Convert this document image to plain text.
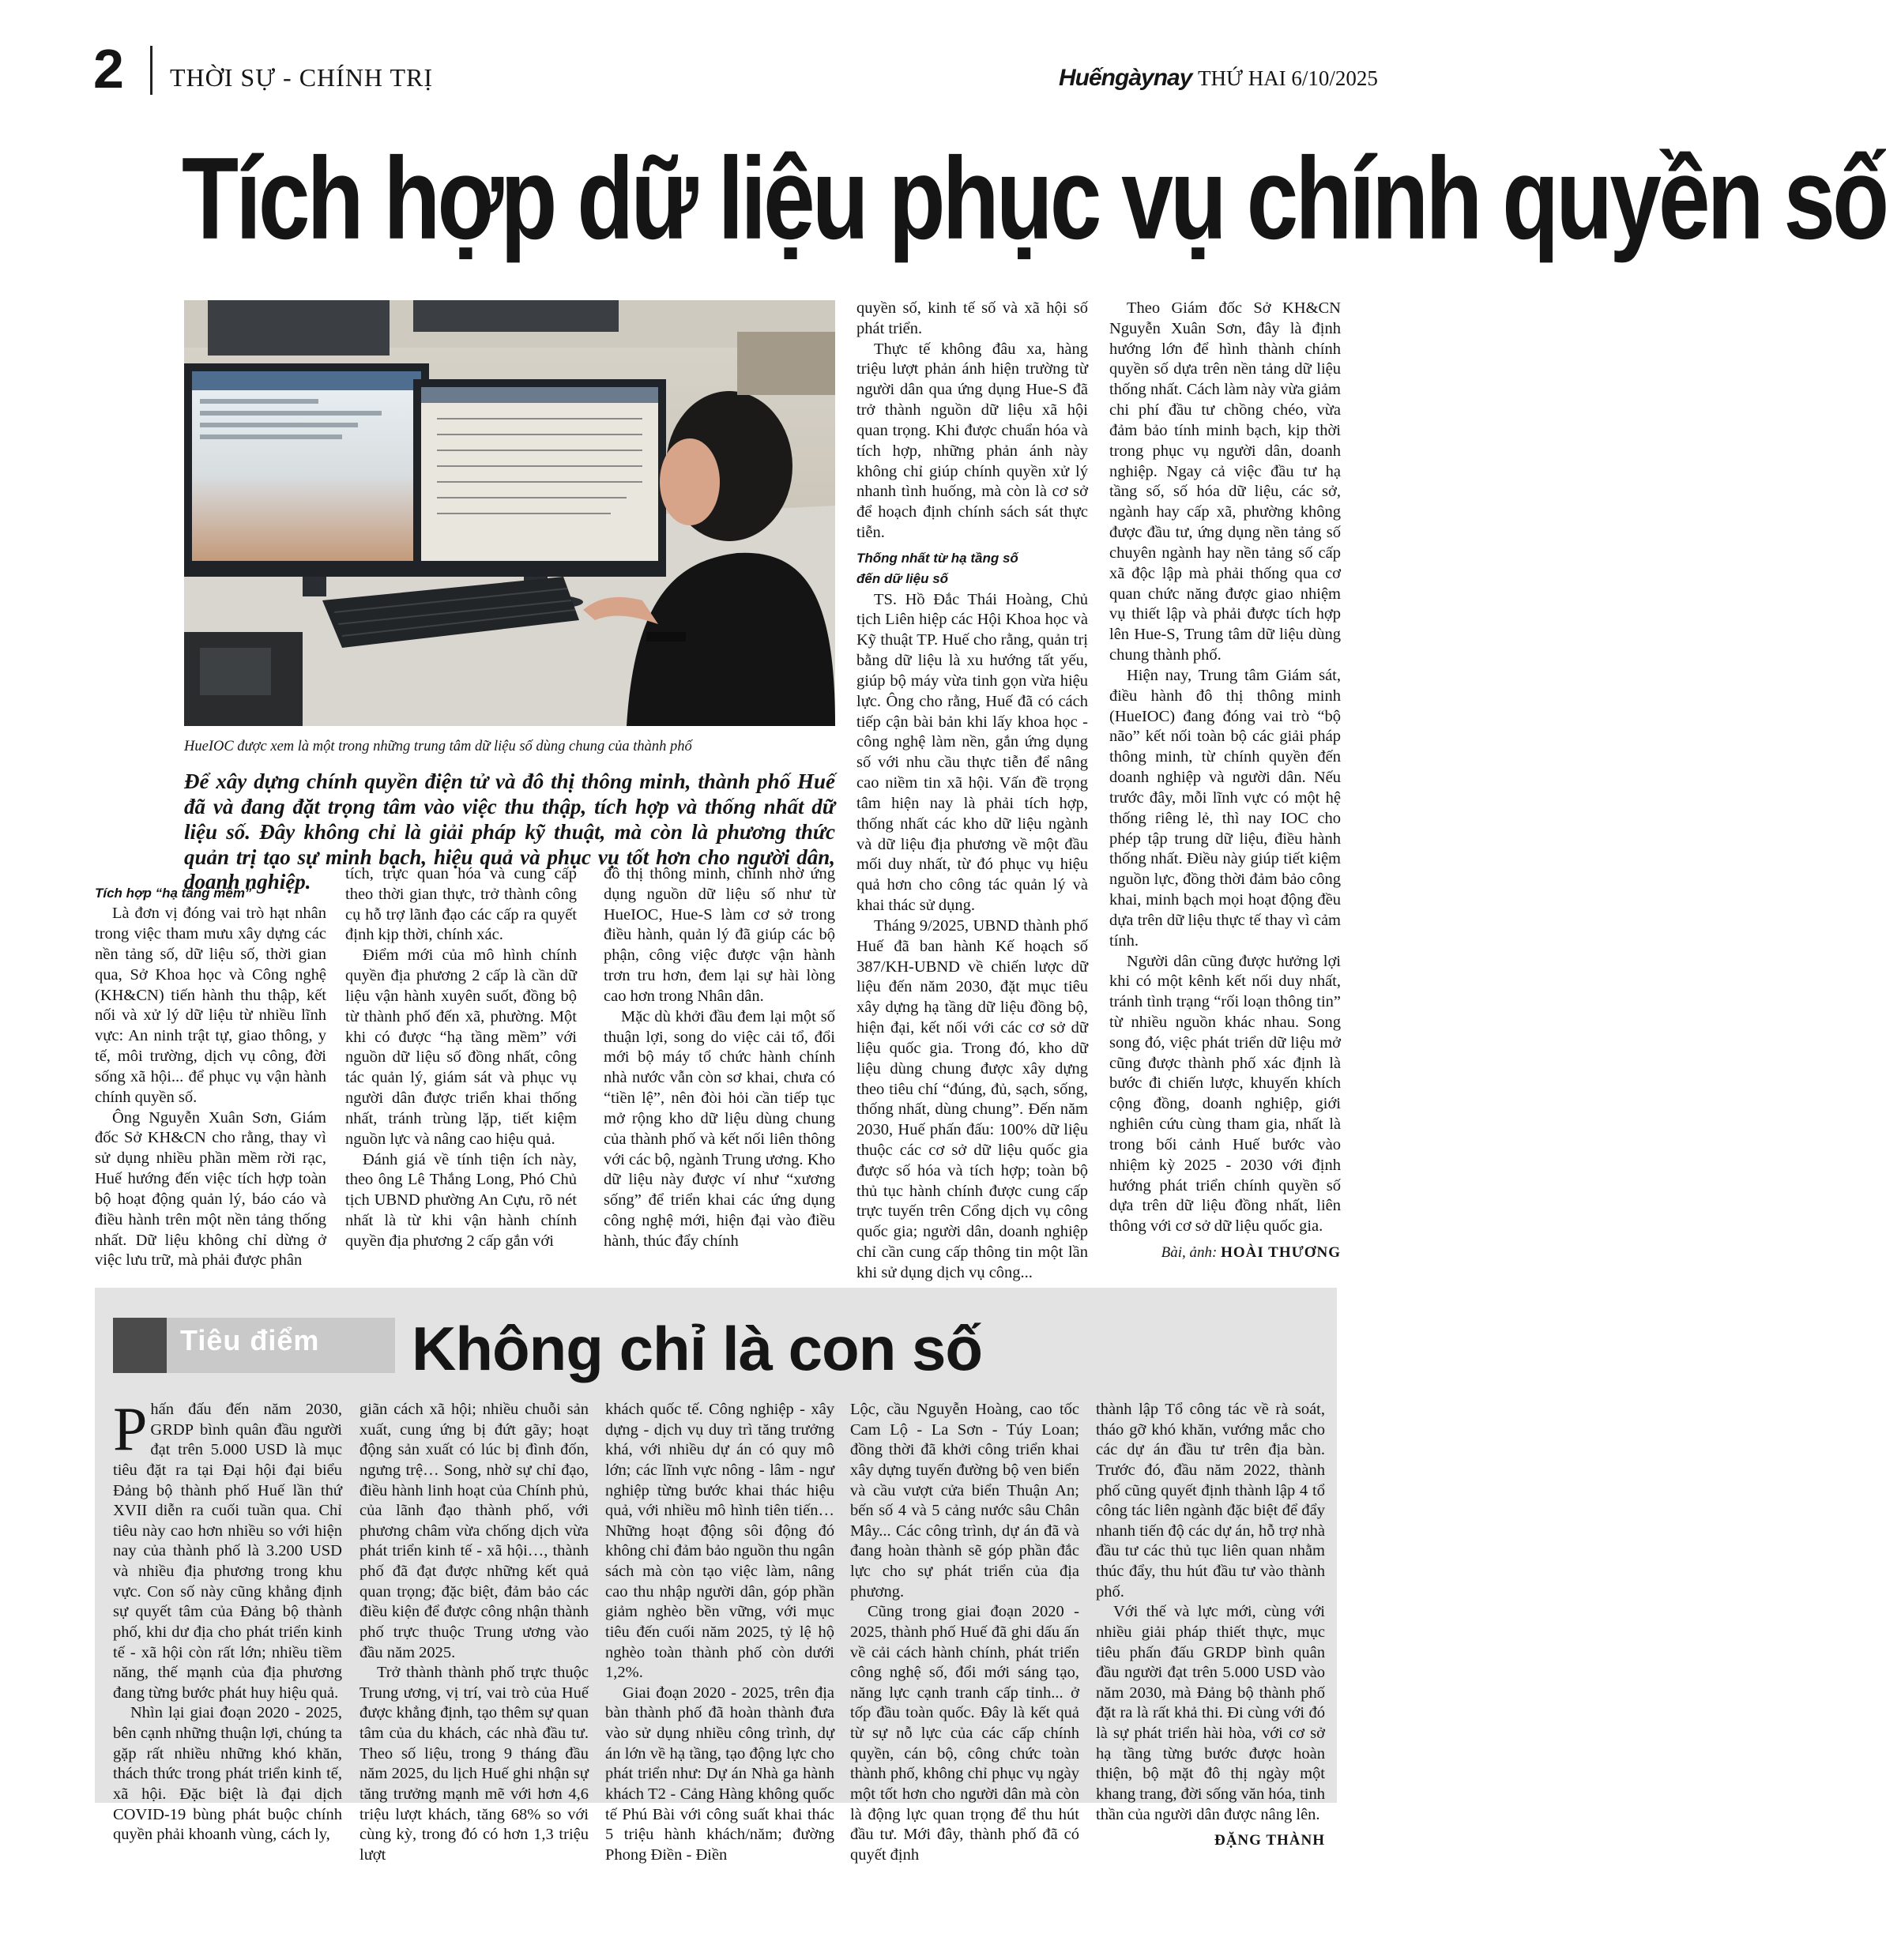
2 THỜI SỰ - CHÍNH TRỊ	Huếngàynay THỨ HAI 6/10/2025
Tích hợp dữ liệu phục vụ chính quyền số
HueIOC được xem là một trong những trung tâm dữ liệu số dùng chung của thành phố
Để xây dựng chính quyền điện tử và đô thị thông minh, thành phố Huế đã và đang đặt trọng tâm vào việc thu thập, tích hợp và thống nhất dữ liệu số. Đây không chỉ là giải pháp kỹ thuật, mà còn là phương thức quản trị tạo sự minh bạch, hiệu quả và phục vụ tốt hơn cho người dân, doanh nghiệp.

Tích hợp “hạ tầng mềm”

Là đơn vị đóng vai trò hạt nhân trong việc tham mưu xây dựng các nền tảng số, dữ liệu số, thời gian qua, Sở Khoa học và Công nghệ (KH&CN) tiến hành thu thập, kết nối và xử lý dữ liệu từ nhiều lĩnh vực: An ninh trật tự, giao thông, y tế, môi trường, dịch vụ công, đời sống xã hội... để phục vụ vận hành chính quyền số.

Ông Nguyễn Xuân Sơn, Giám đốc Sở KH&CN cho rằng, thay vì sử dụng nhiều phần mềm rời rạc, Huế hướng đến việc tích hợp toàn bộ hoạt động quản lý, báo cáo và điều hành trên một nền tảng thống nhất. Dữ liệu không chỉ dừng ở việc lưu trữ, mà phải được phân

tích, trực quan hóa và cung cấp theo thời gian thực, trở thành công cụ hỗ trợ lãnh đạo các cấp ra quyết định kịp thời, chính xác.

Điểm mới của mô hình chính quyền địa phương 2 cấp là cần dữ liệu vận hành xuyên suốt, đồng bộ từ thành phố đến xã, phường. Một khi có được “hạ tầng mềm” với nguồn dữ liệu số đồng nhất, công tác quản lý, giám sát và phục vụ người dân được triển khai thống nhất, tránh trùng lặp, tiết kiệm nguồn lực và nâng cao hiệu quả.

Đánh giá về tính tiện ích này, theo ông Lê Thắng Long, Phó Chủ tịch UBND phường An Cựu, rõ nét nhất là từ khi vận hành chính quyền địa phương 2 cấp gắn với

đô thị thông minh, chính nhờ ứng dụng nguồn dữ liệu số như từ HueIOC, Hue-S làm cơ sở trong điều hành, quản lý đã giúp các bộ phận, công việc được vận hành trơn tru hơn, đem lại sự hài lòng cao hơn trong Nhân dân.

Mặc dù khởi đầu đem lại một số thuận lợi, song do việc cải tổ, đổi mới bộ máy tổ chức hành chính nhà nước vẫn còn sơ khai, chưa có “tiền lệ”, nên đòi hỏi cần tiếp tục mở rộng kho dữ liệu dùng chung của thành phố và kết nối liên thông với các bộ, ngành Trung ương. Kho dữ liệu này được ví như “xương sống” để triển khai các ứng dụng công nghệ mới, hiện đại vào điều hành, thúc đẩy chính

quyền số, kinh tế số và xã hội số phát triển.

Thực tế không đâu xa, hàng triệu lượt phản ánh hiện trường từ người dân qua ứng dụng Hue-S đã trở thành nguồn dữ liệu xã hội quan trọng. Khi được chuẩn hóa và tích hợp, những phản ánh này không chỉ giúp chính quyền xử lý nhanh tình huống, mà còn là cơ sở để hoạch định chính sách sát thực tiễn.

Thống nhất từ hạ tầng số
đến dữ liệu số

TS. Hồ Đắc Thái Hoàng, Chủ tịch Liên hiệp các Hội Khoa học và Kỹ thuật TP. Huế cho rằng, quản trị bằng dữ liệu là xu hướng tất yếu, giúp bộ máy vừa tinh gọn vừa hiệu lực. Ông cho rằng, Huế đã có cách tiếp cận bài bản khi lấy khoa học - công nghệ làm nền, gắn ứng dụng số với nhu cầu thực tiễn để nâng cao niềm tin xã hội. Vấn đề trọng tâm hiện nay là phải tích hợp, thống nhất các kho dữ liệu ngành và dữ liệu địa phương về một đầu mối duy nhất, từ đó phục vụ hiệu quả hơn cho công tác quản lý và khai thác sử dụng.

Tháng 9/2025, UBND thành phố Huế đã ban hành Kế hoạch số 387/KH-UBND về chiến lược dữ liệu đến năm 2030, đặt mục tiêu xây dựng hạ tầng dữ liệu đồng bộ, hiện đại, kết nối với các cơ sở dữ liệu quốc gia. Trong đó, kho dữ liệu dùng chung được xây dựng theo tiêu chí “đúng, đủ, sạch, sống, thống nhất, dùng chung”. Đến năm 2030, Huế phấn đấu: 100% dữ liệu thuộc các cơ sở dữ liệu quốc gia được số hóa và tích hợp; toàn bộ thủ tục hành chính được cung cấp trực tuyến trên Cổng dịch vụ công quốc gia; người dân, doanh nghiệp chỉ cần cung cấp thông tin một lần khi sử dụng dịch vụ công...

Theo Giám đốc Sở KH&CN Nguyễn Xuân Sơn, đây là định hướng lớn để hình thành chính quyền số dựa trên nền tảng dữ liệu thống nhất. Cách làm này vừa giảm chi phí đầu tư chồng chéo, vừa đảm bảo tính minh bạch, kịp thời trong phục vụ người dân, doanh nghiệp. Ngay cả việc đầu tư hạ tầng số, số hóa dữ liệu, các sở, ngành hay cấp xã, phường không được đầu tư, ứng dụng nền tảng số chuyên ngành hay nền tảng số cấp xã độc lập mà phải thống qua cơ quan chức năng được giao nhiệm vụ thiết lập và phải được tích hợp lên Hue-S, Trung tâm dữ liệu dùng chung thành phố.

Hiện nay, Trung tâm Giám sát, điều hành đô thị thông minh (HueIOC) đang đóng vai trò “bộ não” kết nối toàn bộ các giải pháp thông minh, từ chính quyền đến doanh nghiệp và người dân. Nếu trước đây, mỗi lĩnh vực có một hệ thống riêng lẻ, thì nay IOC cho phép tập trung dữ liệu, điều hành thống nhất. Điều này giúp tiết kiệm nguồn lực, đồng thời đảm bảo công khai, minh bạch mọi hoạt động đều dựa trên dữ liệu thực tế thay vì cảm tính.

Người dân cũng được hưởng lợi khi có một kênh kết nối duy nhất, tránh tình trạng “rối loạn thông tin” từ nhiều nguồn khác nhau. Song song đó, việc phát triển dữ liệu mở cũng được thành phố xác định là bước đi chiến lược, khuyến khích cộng đồng, doanh nghiệp, giới nghiên cứu cùng tham gia, nhất là trong bối cảnh Huế bước vào nhiệm kỳ 2025 - 2030 với định hướng phát triển chính quyền số dựa trên dữ liệu đồng nhất, liên thông với cơ sở dữ liệu quốc gia.

Bài, ảnh: HOÀI THƯƠNG
Tiêu điểm Không chỉ là con số

Phấn đấu đến năm 2030, GRDP bình quân đầu người đạt trên 5.000 USD là mục tiêu đặt ra tại Đại hội đại biểu Đảng bộ thành phố Huế lần thứ XVII diễn ra cuối tuần qua. Chỉ tiêu này cao hơn nhiều so với hiện nay của thành phố là 3.200 USD và nhiều địa phương trong khu vực. Con số này cũng khẳng định sự quyết tâm của Đảng bộ thành phố, khi dư địa cho phát triển kinh tế - xã hội còn rất lớn; nhiều tiềm năng, thế mạnh của địa phương đang từng bước phát huy hiệu quả.

Nhìn lại giai đoạn 2020 - 2025, bên cạnh những thuận lợi, chúng ta gặp rất nhiều những khó khăn, thách thức trong phát triển kinh tế, xã hội. Đặc biệt là đại dịch COVID-19 bùng phát buộc chính quyền phải khoanh vùng, cách ly,

giãn cách xã hội; nhiều chuỗi sản xuất, cung ứng bị đứt gãy; hoạt động sản xuất có lúc bị đình đốn, ngưng trệ… Song, nhờ sự chỉ đạo, điều hành linh hoạt của Chính phủ, của lãnh đạo thành phố, với phương châm vừa chống dịch vừa phát triển kinh tế - xã hội…, thành phố đã đạt được những kết quả quan trọng; đặc biệt, đảm bảo các điều kiện để được công nhận thành phố trực thuộc Trung ương vào đầu năm 2025.

Trở thành thành phố trực thuộc Trung ương, vị trí, vai trò của Huế được khẳng định, tạo thêm sự quan tâm của du khách, các nhà đầu tư. Theo số liệu, trong 9 tháng đầu năm 2025, du lịch Huế ghi nhận sự tăng trưởng mạnh mẽ với hơn 4,6 triệu lượt khách, tăng 68% so với cùng kỳ, trong đó có hơn 1,3 triệu lượt

khách quốc tế. Công nghiệp - xây dựng - dịch vụ duy trì tăng trưởng khá, với nhiều dự án có quy mô lớn; các lĩnh vực nông - lâm - ngư nghiệp từng bước khai thác hiệu quả, với nhiều mô hình tiên tiến… Những hoạt động sôi động đó không chỉ đảm bảo nguồn thu ngân sách mà còn tạo việc làm, nâng cao thu nhập người dân, góp phần giảm nghèo bền vững, với mục tiêu đến cuối năm 2025, tỷ lệ hộ nghèo toàn thành phố còn dưới 1,2%.

Giai đoạn 2020 - 2025, trên địa bàn thành phố đã hoàn thành đưa vào sử dụng nhiều công trình, dự án lớn về hạ tầng, tạo động lực cho phát triển như: Dự án Nhà ga hành khách T2 - Cảng Hàng không quốc tế Phú Bài với công suất khai thác 5 triệu hành khách/năm; đường Phong Điền - Điền

Lộc, cầu Nguyễn Hoàng, cao tốc Cam Lộ - La Sơn - Túy Loan; đồng thời đã khởi công triển khai xây dựng tuyến đường bộ ven biển và cầu vượt cửa biển Thuận An; bến số 4 và 5 cảng nước sâu Chân Mây... Các công trình, dự án đã và đang hoàn thành sẽ góp phần đắc lực cho sự phát triển của địa phương.

Cũng trong giai đoạn 2020 - 2025, thành phố Huế đã ghi dấu ấn về cải cách hành chính, phát triển công nghệ số, đổi mới sáng tạo, năng lực cạnh tranh cấp tỉnh... ở tốp đầu toàn quốc. Đây là kết quả từ sự nỗ lực của các cấp chính quyền, cán bộ, công chức toàn thành phố, không chỉ phục vụ ngày một tốt hơn cho người dân mà còn là động lực quan trọng để thu hút đầu tư. Mới đây, thành phố đã có quyết định

thành lập Tổ công tác về rà soát, tháo gỡ khó khăn, vướng mắc cho các dự án đầu tư trên địa bàn. Trước đó, đầu năm 2022, thành phố cũng quyết định thành lập 4 tổ công tác liên ngành đặc biệt để đẩy nhanh tiến độ các dự án, hỗ trợ nhà đầu tư các thủ tục liên quan nhằm thúc đẩy, thu hút đầu tư vào thành phố.

Với thế và lực mới, cùng với nhiều giải pháp thiết thực, mục tiêu phấn đấu GRDP bình quân đầu người đạt trên 5.000 USD vào năm 2030, mà Đảng bộ thành phố đặt ra là rất khả thi. Đi cùng với đó là sự phát triển hài hòa, với cơ sở hạ tầng từng bước được hoàn thiện, bộ mặt đô thị ngày một khang trang, đời sống văn hóa, tinh thần của người dân được nâng lên.

ĐẶNG THÀNH
